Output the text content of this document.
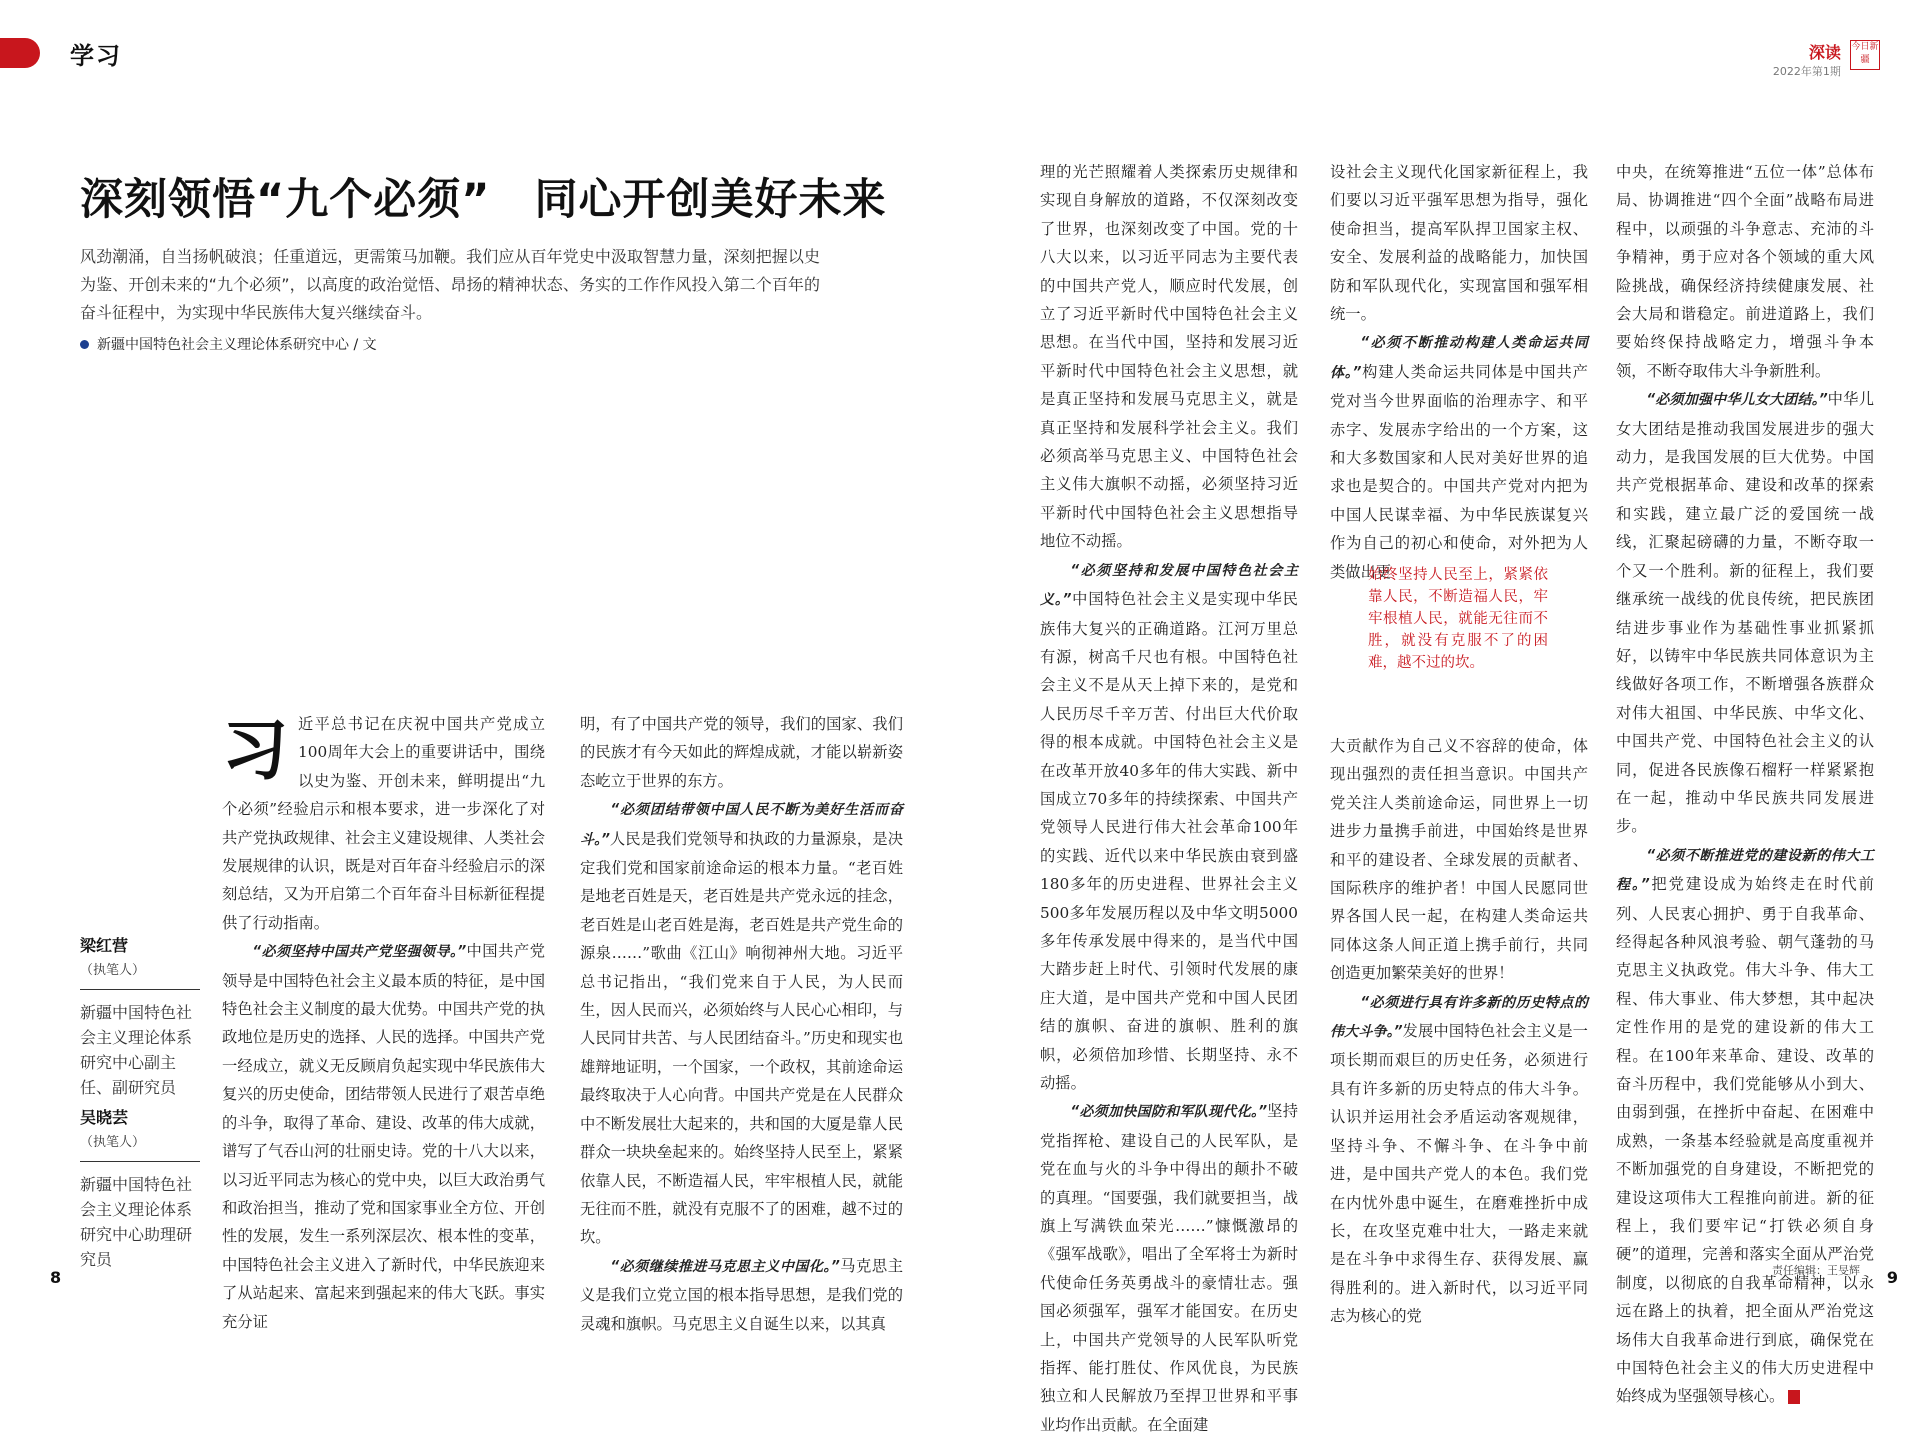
学习	深读
2022年第1期
今日新疆
深刻领悟“九个必须”　同心开创美好未来
风劲潮涌，自当扬帆破浪；任重道远，更需策马加鞭。我们应从百年党史中汲取智慧力量，深刻把握以史为鉴、开创未来的“九个必须”，以高度的政治觉悟、昂扬的精神状态、务实的工作作风投入第二个百年的奋斗征程中，为实现中华民族伟大复兴继续奋斗。
新疆中国特色社会主义理论体系研究中心 / 文
梁红营
（执笔人）
新疆中国特色社会主义理论体系研究中心副主任、副研究员
吴晓芸
（执笔人）
新疆中国特色社会主义理论体系研究中心助理研究员

习近平总书记在庆祝中国共产党成立100周年大会上的重要讲话中，围绕以史为鉴、开创未来，鲜明提出“九个必须”经验启示和根本要求，进一步深化了对共产党执政规律、社会主义建设规律、人类社会发展规律的认识，既是对百年奋斗经验启示的深刻总结，又为开启第二个百年奋斗目标新征程提供了行动指南。

“必须坚持中国共产党坚强领导。”中国共产党领导是中国特色社会主义最本质的特征，是中国特色社会主义制度的最大优势。中国共产党的执政地位是历史的选择、人民的选择。中国共产党一经成立，就义无反顾肩负起实现中华民族伟大复兴的历史使命，团结带领人民进行了艰苦卓绝的斗争，取得了革命、建设、改革的伟大成就，谱写了气吞山河的壮丽史诗。党的十八大以来，以习近平同志为核心的党中央，以巨大政治勇气和政治担当，推动了党和国家事业全方位、开创性的发展，发生一系列深层次、根本性的变革，中国特色社会主义进入了新时代，中华民族迎来了从站起来、富起来到强起来的伟大飞跃。事实充分证

明，有了中国共产党的领导，我们的国家、我们的民族才有今天如此的辉煌成就，才能以崭新姿态屹立于世界的东方。

“必须团结带领中国人民不断为美好生活而奋斗。”人民是我们党领导和执政的力量源泉，是决定我们党和国家前途命运的根本力量。“老百姓是地老百姓是天，老百姓是共产党永远的挂念，老百姓是山老百姓是海，老百姓是共产党生命的源泉……”歌曲《江山》响彻神州大地。习近平总书记指出，“我们党来自于人民，为人民而生，因人民而兴，必须始终与人民心心相印，与人民同甘共苦、与人民团结奋斗。”历史和现实也雄辩地证明，一个国家，一个政权，其前途命运最终取决于人心向背。中国共产党是在人民群众中不断发展壮大起来的，共和国的大厦是靠人民群众一块块垒起来的。始终坚持人民至上，紧紧依靠人民，不断造福人民，牢牢根植人民，就能无往而不胜，就没有克服不了的困难，越不过的坎。

“必须继续推进马克思主义中国化。”马克思主义是我们立党立国的根本指导思想，是我们党的灵魂和旗帜。马克思主义自诞生以来，以其真

理的光芒照耀着人类探索历史规律和实现自身解放的道路，不仅深刻改变了世界，也深刻改变了中国。党的十八大以来，以习近平同志为主要代表的中国共产党人，顺应时代发展，创立了习近平新时代中国特色社会主义思想。在当代中国，坚持和发展习近平新时代中国特色社会主义思想，就是真正坚持和发展马克思主义，就是真正坚持和发展科学社会主义。我们必须高举马克思主义、中国特色社会主义伟大旗帜不动摇，必须坚持习近平新时代中国特色社会主义思想指导地位不动摇。

“必须坚持和发展中国特色社会主义。”中国特色社会主义是实现中华民族伟大复兴的正确道路。江河万里总有源，树高千尺也有根。中国特色社会主义不是从天上掉下来的，是党和人民历尽千辛万苦、付出巨大代价取得的根本成就。中国特色社会主义是在改革开放40多年的伟大实践、新中国成立70多年的持续探索、中国共产党领导人民进行伟大社会革命100年的实践、近代以来中华民族由衰到盛180多年的历史进程、世界社会主义500多年发展历程以及中华文明5000多年传承发展中得来的，是当代中国大踏步赶上时代、引领时代发展的康庄大道，是中国共产党和中国人民团结的旗帜、奋进的旗帜、胜利的旗帜，必须倍加珍惜、长期坚持、永不动摇。

“必须加快国防和军队现代化。”坚持党指挥枪、建设自己的人民军队，是党在血与火的斗争中得出的颠扑不破的真理。“国要强，我们就要担当，战旗上写满铁血荣光……”慷慨激昂的《强军战歌》，唱出了全军将士为新时代使命任务英勇战斗的豪情壮志。强国必须强军，强军才能国安。在历史上，中国共产党领导的人民军队听党指挥、能打胜仗、作风优良，为民族独立和人民解放乃至捍卫世界和平事业均作出贡献。在全面建

设社会主义现代化国家新征程上，我们要以习近平强军思想为指导，强化使命担当，提高军队捍卫国家主权、安全、发展利益的战略能力，加快国防和军队现代化，实现富国和强军相统一。

“必须不断推动构建人类命运共同体。”构建人类命运共同体是中国共产党对当今世界面临的治理赤字、和平赤字、发展赤字给出的一个方案，这和大多数国家和人民对美好世界的追求也是契合的。中国共产党对内把为中国人民谋幸福、为中华民族谋复兴作为自己的初心和使命，对外把为人类做出更

始终坚持人民至上，紧紧依靠人民，不断造福人民，牢牢根植人民，就能无往而不胜，就没有克服不了的困难，越不过的坎。

大贡献作为自己义不容辞的使命，体现出强烈的责任担当意识。中国共产党关注人类前途命运，同世界上一切进步力量携手前进，中国始终是世界和平的建设者、全球发展的贡献者、国际秩序的维护者！中国人民愿同世界各国人民一起，在构建人类命运共同体这条人间正道上携手前行，共同创造更加繁荣美好的世界！

“必须进行具有许多新的历史特点的伟大斗争。”发展中国特色社会主义是一项长期而艰巨的历史任务，必须进行具有许多新的历史特点的伟大斗争。认识并运用社会矛盾运动客观规律，坚持斗争、不懈斗争、在斗争中前进，是中国共产党人的本色。我们党在内忧外患中诞生，在磨难挫折中成长，在攻坚克难中壮大，一路走来就是在斗争中求得生存、获得发展、赢得胜利的。进入新时代，以习近平同志为核心的党

中央，在统筹推进“五位一体”总体布局、协调推进“四个全面”战略布局进程中，以顽强的斗争意志、充沛的斗争精神，勇于应对各个领域的重大风险挑战，确保经济持续健康发展、社会大局和谐稳定。前进道路上，我们要始终保持战略定力，增强斗争本领，不断夺取伟大斗争新胜利。

“必须加强中华儿女大团结。”中华儿女大团结是推动我国发展进步的强大动力，是我国发展的巨大优势。中国共产党根据革命、建设和改革的探索和实践，建立最广泛的爱国统一战线，汇聚起磅礴的力量，不断夺取一个又一个胜利。新的征程上，我们要继承统一战线的优良传统，把民族团结进步事业作为基础性事业抓紧抓好，以铸牢中华民族共同体意识为主线做好各项工作，不断增强各族群众对伟大祖国、中华民族、中华文化、中国共产党、中国特色社会主义的认同，促进各民族像石榴籽一样紧紧抱在一起，推动中华民族共同发展进步。

“必须不断推进党的建设新的伟大工程。”把党建设成为始终走在时代前列、人民衷心拥护、勇于自我革命、经得起各种风浪考验、朝气蓬勃的马克思主义执政党。伟大斗争、伟大工程、伟大事业、伟大梦想，其中起决定性作用的是党的建设新的伟大工程。在100年来革命、建设、改革的奋斗历程中，我们党能够从小到大、由弱到强，在挫折中奋起、在困难中成熟，一条基本经验就是高度重视并不断加强党的自身建设，不断把党的建设这项伟大工程推向前进。新的征程上，我们要牢记“打铁必须自身硬”的道理，完善和落实全面从严治党制度，以彻底的自我革命精神，以永远在路上的执着，把全面从严治党这场伟大自我革命进行到底，确保党在中国特色社会主义的伟大历史进程中始终成为坚强领导核心。

8	9
责任编辑：王旻辉
